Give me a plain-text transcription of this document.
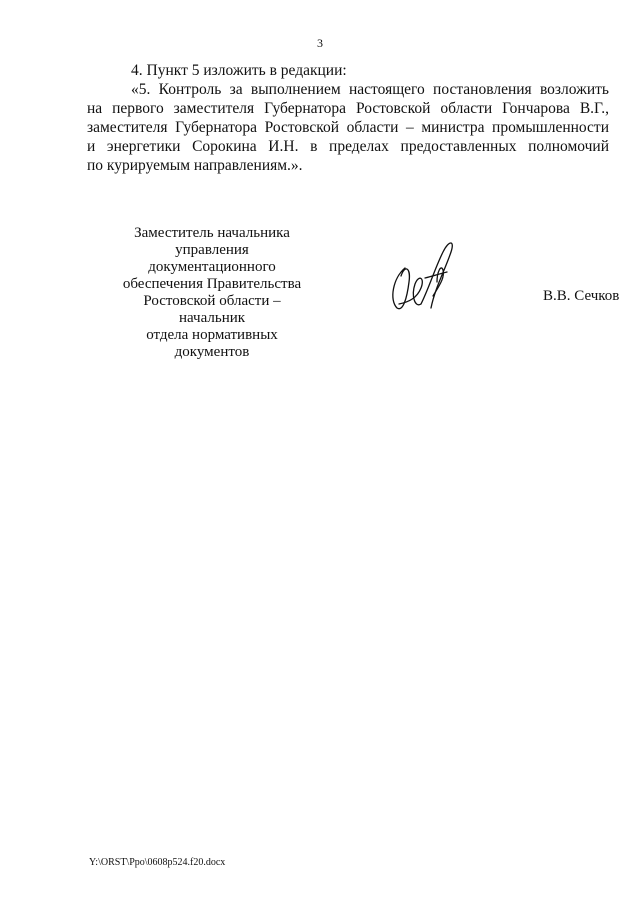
3
4. Пункт 5 изложить в редакции:
«5. Контроль за выполнением настоящего постановления возложить
на первого заместителя Губернатора Ростовской области Гончарова В.Г.,
заместителя Губернатора Ростовской области – министра промышленности
и энергетики Сорокина И.Н. в пределах предоставленных полномочий
по курируемым направлениям.».
Заместитель начальника
управления документационного
обеспечения Правительства
Ростовской области – начальник
отдела нормативных документов
В.В. Сечков
Y:\ORST\Ppo\0608p524.f20.docx
